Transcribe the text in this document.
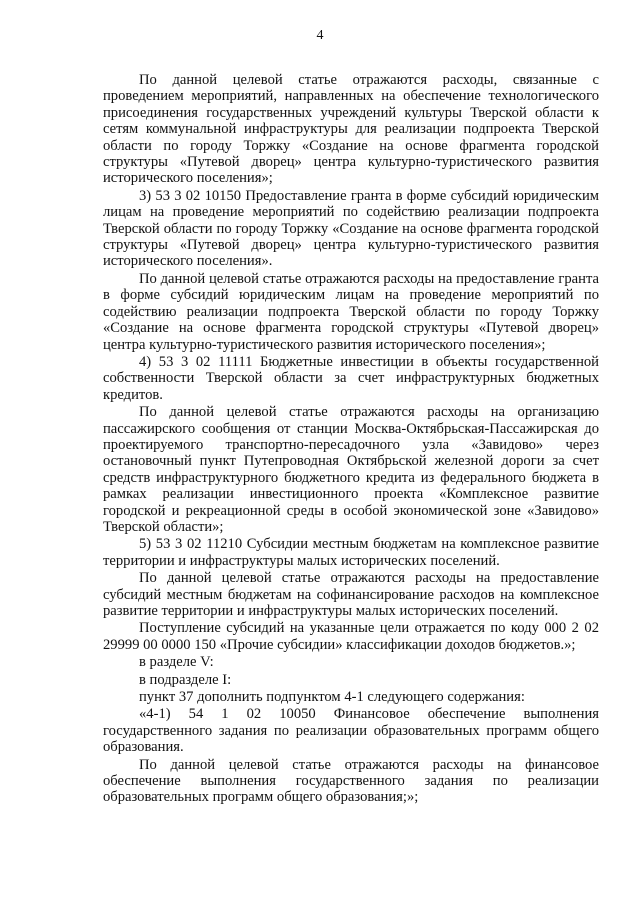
4

По данной целевой статье отражаются расходы, связанные с проведением мероприятий, направленных на обеспечение технологического присоединения государственных учреждений культуры Тверской области к сетям коммунальной инфраструктуры для реализации подпроекта Тверской области по городу Торжку «Создание на основе фрагмента городской структуры «Путевой дворец» центра культурно-туристического развития исторического поселения»;

3) 53 3 02 10150 Предоставление гранта в форме субсидий юридическим лицам на проведение мероприятий по содействию реализации подпроекта Тверской области по городу Торжку «Создание на основе фрагмента городской структуры «Путевой дворец» центра культурно-туристического развития исторического поселения».

По данной целевой статье отражаются расходы на предоставление гранта в форме субсидий юридическим лицам на проведение мероприятий по содействию реализации подпроекта Тверской области по городу Торжку «Создание на основе фрагмента городской структуры «Путевой дворец» центра культурно-туристического развития исторического поселения»;

4) 53 3 02 11111 Бюджетные инвестиции в объекты государственной собственности Тверской области за счет инфраструктурных бюджетных кредитов.

По данной целевой статье отражаются расходы на организацию пассажирского сообщения от станции Москва-Октябрьская-Пассажирская до проектируемого транспортно-пересадочного узла «Завидово» через остановочный пункт Путепроводная Октябрьской железной дороги за счет средств инфраструктурного бюджетного кредита из федерального бюджета в рамках реализации инвестиционного проекта «Комплексное развитие городской и рекреационной среды в особой экономической зоне «Завидово» Тверской области»;

5) 53 3 02 11210 Субсидии местным бюджетам на комплексное развитие территории и инфраструктуры малых исторических поселений.

По данной целевой статье отражаются расходы на предоставление субсидий местным бюджетам на софинансирование расходов на комплексное развитие территории и инфраструктуры малых исторических поселений.

Поступление субсидий на указанные цели отражается по коду 000 2 02 29999 00 0000 150 «Прочие субсидии» классификации доходов бюджетов.»;

в разделе V:

в подразделе I:

пункт 37 дополнить подпунктом 4-1 следующего содержания:

«4-1) 54 1 02 10050 Финансовое обеспечение выполнения государственного задания по реализации образовательных программ общего образования.

По данной целевой статье отражаются расходы на финансовое обеспечение выполнения государственного задания по реализации образовательных программ общего образования;»;
